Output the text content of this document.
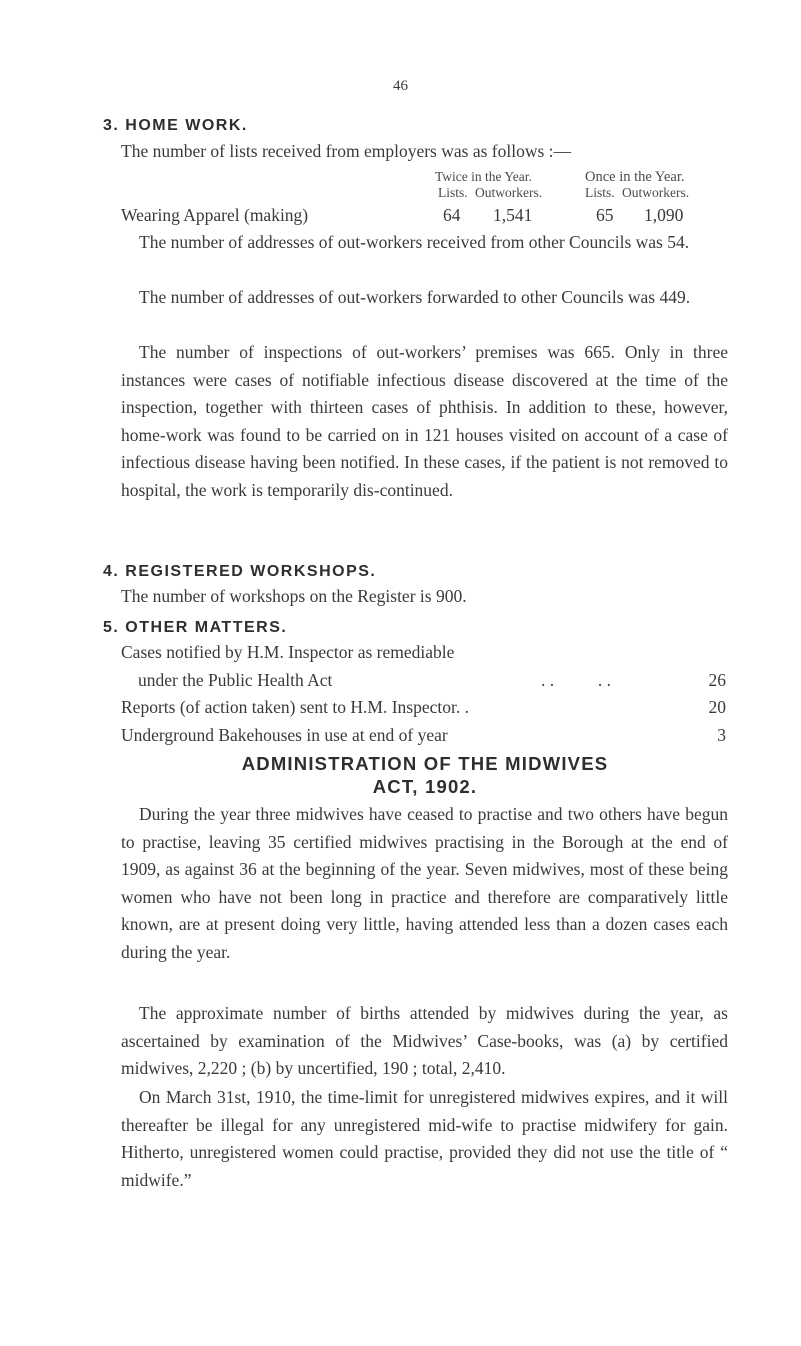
46
3. HOME WORK.
The number of lists received from employers was as follows :—
Twice in the Year.	Once in the Year.
Lists. Outworkers.	Lists. Outworkers.
Wearing Apparel (making)	64 1,541	65 1,090

The number of addresses of out-workers received from other Councils was 54.

The number of addresses of out-workers forwarded to other Councils was 449.

The number of inspections of out-workers’ premises was 665. Only in three instances were cases of notifiable infectious disease discovered at the time of the inspection, together with thirteen cases of phthisis. In addition to these, however, home-work was found to be carried on in 121 houses visited on account of a case of infectious disease having been notified. In these cases, if the patient is not removed to hospital, the work is temporarily dis-continued.

4. REGISTERED WORKSHOPS.
The number of workshops on the Register is 900.
5. OTHER MATTERS.
Cases notified by H.M. Inspector as remediable
under the Public Health Act	. .          . .	26
Reports (of action taken) sent to H.M. Inspector. .	20
Underground Bakehouses in use at end of year	3
ADMINISTRATION OF THE MIDWIVES
ACT, 1902.

During the year three midwives have ceased to practise and two others have begun to practise, leaving 35 certified midwives practising in the Borough at the end of 1909, as against 36 at the beginning of the year. Seven midwives, most of these being women who have not been long in practice and therefore are comparatively little known, are at present doing very little, having attended less than a dozen cases each during the year.

The approximate number of births attended by midwives during the year, as ascertained by examination of the Midwives’ Case-books, was (a) by certified midwives, 2,220 ; (b) by uncertified, 190 ; total, 2,410.

On March 31st, 1910, the time-limit for unregistered midwives expires, and it will thereafter be illegal for any unregistered mid-wife to practise midwifery for gain. Hitherto, unregistered women could practise, provided they did not use the title of “ midwife.”
